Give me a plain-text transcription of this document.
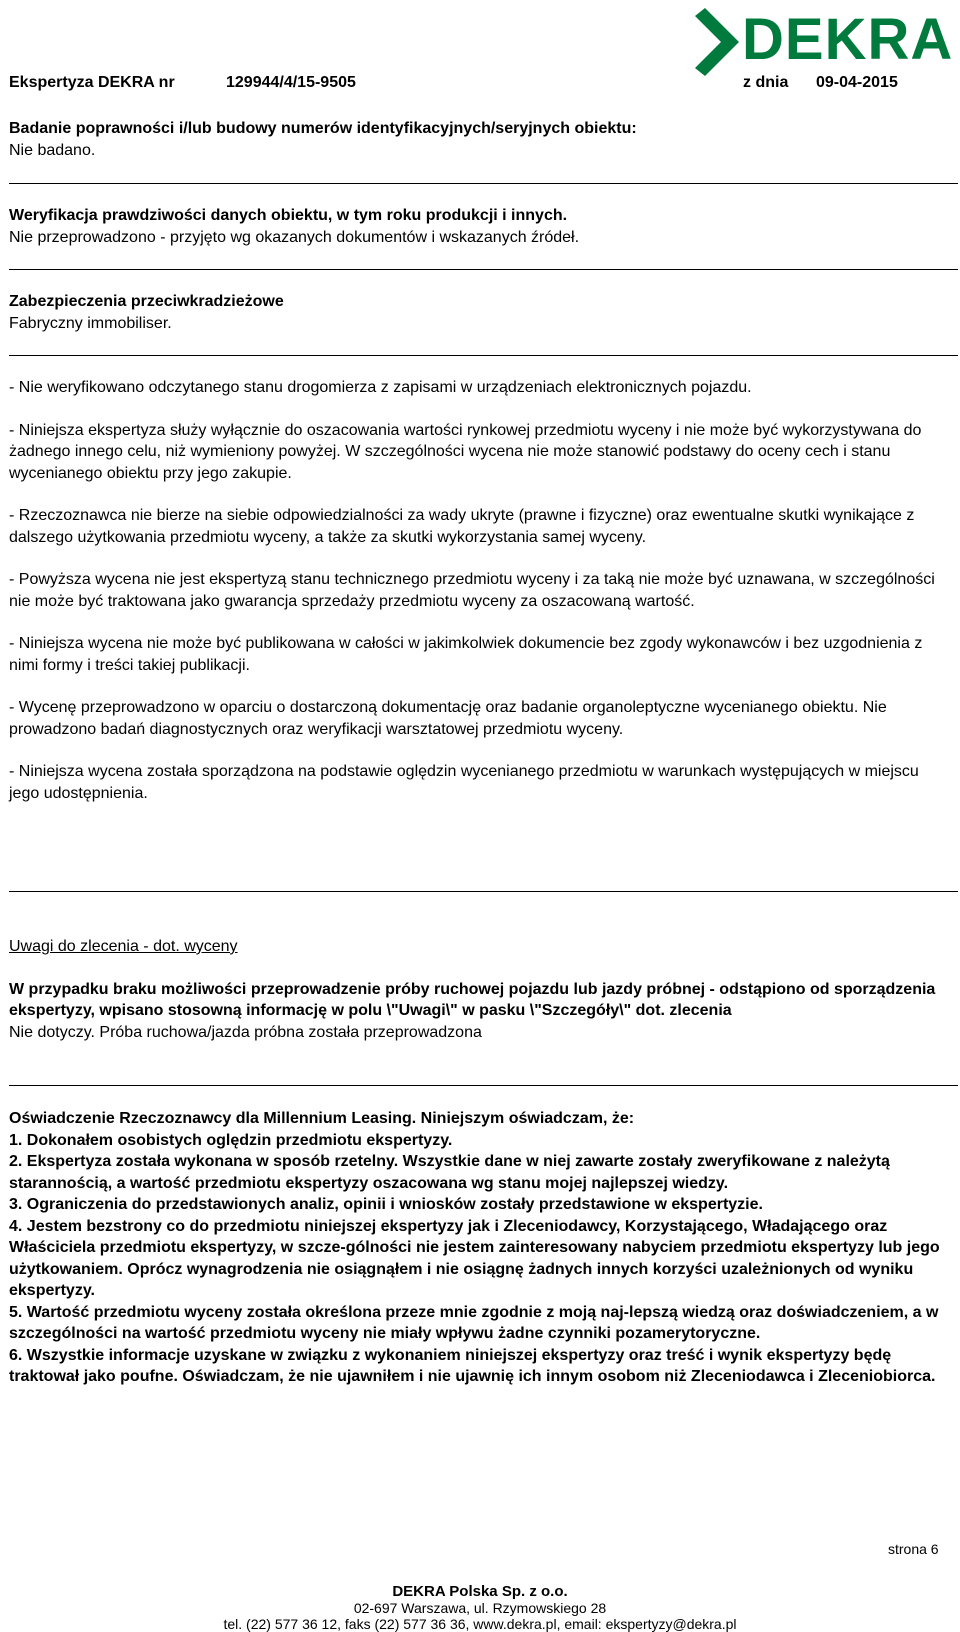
DEKRA
Ekspertyza DEKRA nr	129944/4/15-9505	z dnia 09-04-2015

Badanie poprawności i/lub budowy numerów identyfikacyjnych/seryjnych obiektu:

Nie badano.

Weryfikacja prawdziwości danych obiektu, w tym roku produkcji i innych.

Nie przeprowadzono - przyjęto wg okazanych dokumentów i wskazanych źródeł.

Zabezpieczenia przeciwkradzieżowe

Fabryczny immobiliser.

- Nie weryfikowano odczytanego stanu drogomierza z zapisami w urządzeniach elektronicznych pojazdu.

- Niniejsza ekspertyza służy wyłącznie do oszacowania wartości rynkowej przedmiotu wyceny i nie może być wykorzystywana do żadnego innego celu, niż wymieniony powyżej. W szczególności wycena nie może stanowić podstawy do oceny cech i stanu wycenianego obiektu przy jego zakupie.

- Rzeczoznawca nie bierze na siebie odpowiedzialności za wady ukryte (prawne i fizyczne) oraz ewentualne skutki wynikające z dalszego użytkowania przedmiotu wyceny, a także za skutki wykorzystania samej wyceny.

- Powyższa wycena nie jest ekspertyzą stanu technicznego przedmiotu wyceny i za taką nie może być uznawana, w szczególności nie może być traktowana jako gwarancja sprzedaży przedmiotu wyceny za oszacowaną wartość.

- Niniejsza wycena nie może być publikowana w całości w jakimkolwiek dokumencie bez zgody wykonawców i bez uzgodnienia z nimi formy i treści takiej publikacji.

- Wycenę przeprowadzono w oparciu o dostarczoną dokumentację oraz badanie organoleptyczne wycenianego obiektu. Nie prowadzono badań diagnostycznych oraz weryfikacji warsztatowej przedmiotu wyceny.

- Niniejsza wycena została sporządzona na podstawie oględzin wycenianego przedmiotu w warunkach występujących w miejscu jego udostępnienia.

Uwagi do zlecenia - dot. wyceny

W przypadku braku możliwości przeprowadzenie próby ruchowej pojazdu lub jazdy próbnej - odstąpiono od sporządzenia ekspertyzy, wpisano stosowną informację w polu \"Uwagi\" w pasku \"Szczegóły\" dot. zlecenia

Nie dotyczy. Próba ruchowa/jazda próbna została przeprowadzona

Oświadczenie Rzeczoznawcy dla Millennium Leasing. Niniejszym oświadczam, że:

1. Dokonałem osobistych oględzin przedmiotu ekspertyzy.

2. Ekspertyza została wykonana w sposób rzetelny. Wszystkie dane w niej zawarte zostały zweryfikowane z należytą starannością, a wartość przedmiotu ekspertyzy oszacowana wg stanu mojej najlepszej wiedzy.

3. Ograniczenia do przedstawionych analiz, opinii i wniosków zostały przedstawione w ekspertyzie.

4. Jestem bezstrony co do przedmiotu niniejszej ekspertyzy jak i Zleceniodawcy, Korzystającego, Władającego oraz Właściciela przedmiotu ekspertyzy, w szcze-gólności nie jestem zainteresowany nabyciem przedmiotu ekspertyzy lub jego użytkowaniem. Oprócz wynagrodzenia nie osiągnąłem i nie osiągnę żadnych innych korzyści uzależnionych od wyniku ekspertyzy.

5. Wartość przedmiotu wyceny została określona przeze mnie zgodnie z moją naj-lepszą wiedzą oraz doświadczeniem, a w szczególności na wartość przedmiotu wyceny nie miały wpływu żadne czynniki pozamerytoryczne.

6. Wszystkie informacje uzyskane w związku z wykonaniem niniejszej ekspertyzy oraz treść i wynik ekspertyzy będę traktował jako poufne. Oświadczam, że nie ujawniłem i nie ujawnię ich innym osobom niż Zleceniodawca i Zleceniobiorca.

strona 6
DEKRA Polska Sp. z o.o.
02-697 Warszawa, ul. Rzymowskiego 28
tel. (22) 577 36 12, faks (22) 577 36 36, www.dekra.pl, email: ekspertyzy@dekra.pl
